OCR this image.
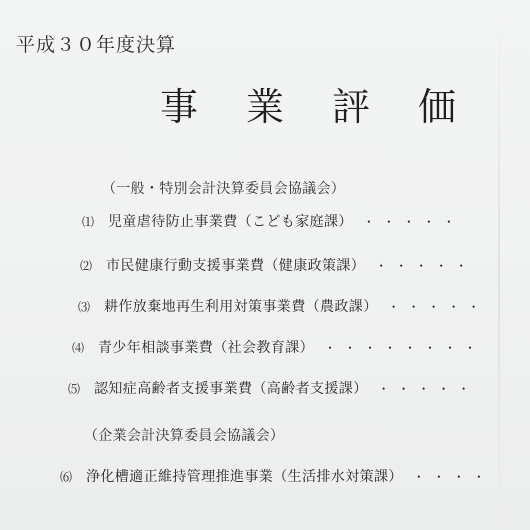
平成３０年度決算
事 業 評 価
（一般・特別会計決算委員会協議会）
⑴ 児童虐待防止事業費（こども家庭課） ・・・・・
⑵ 市民健康行動支援事業費（健康政策課） ・・・・・
⑶ 耕作放棄地再生利用対策事業費（農政課） ・・・・・
⑷ 青少年相談事業費（社会教育課） ・・・・・・・・
⑸ 認知症高齢者支援事業費（高齢者支援課） ・・・・・
（企業会計決算委員会協議会）
⑹ 浄化槽適正維持管理推進事業（生活排水対策課） ・・・・
